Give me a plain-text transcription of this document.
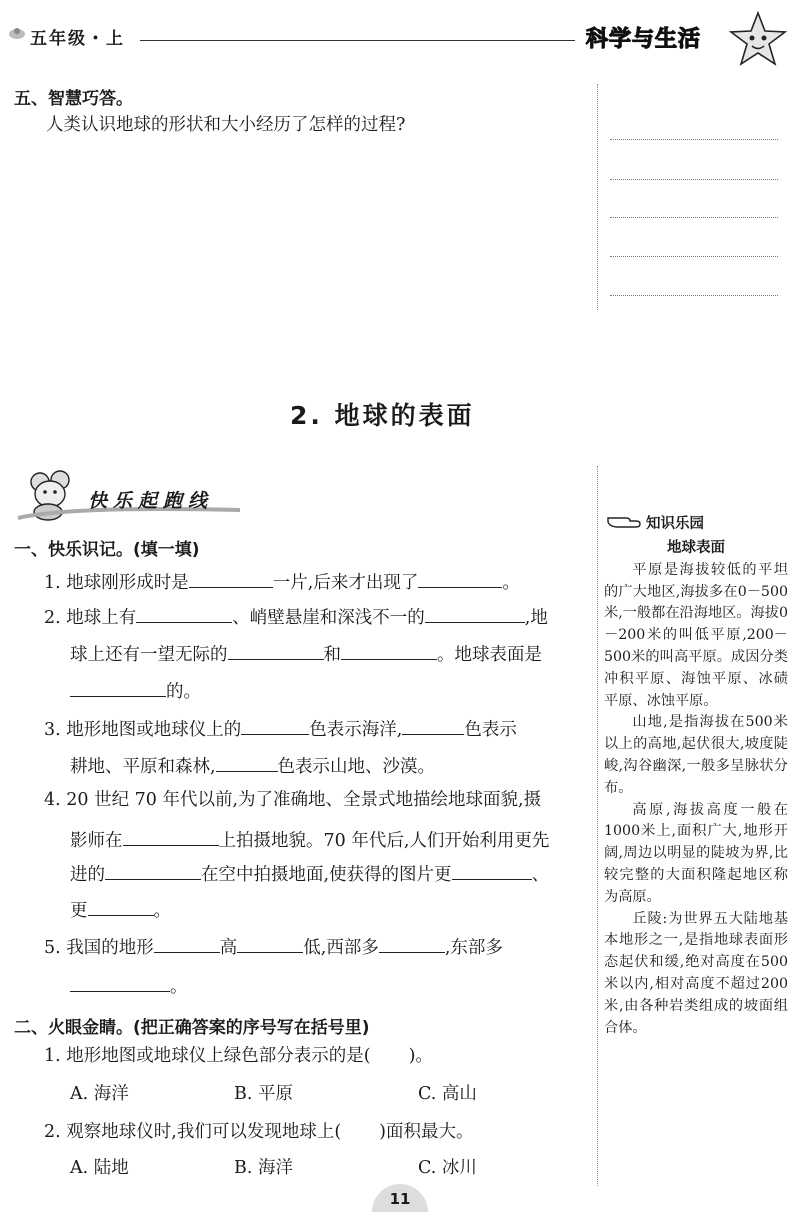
五年级・上	科学与生活
五、智慧巧答。
人类认识地球的形状和大小经历了怎样的过程?
2. 地球的表面
快乐起跑线
一、快乐识记。(填一填)
1. 地球刚形成时是	一片,后来才出现了	。
2. 地球上有	、峭壁悬崖和深浅不一的	,地
球上还有一望无际的	和	。地球表面是
的。
3. 地形地图或地球仪上的	色表示海洋,	色表示
耕地、平原和森林,	色表示山地、沙漠。
4. 20 世纪 70 年代以前,为了准确地、全景式地描绘地球面貌,摄
影师在	上拍摄地貌。70 年代后,人们开始利用更先
进的	在空中拍摄地面,使获得的图片更	、
更	。
5. 我国的地形	高	低,西部多	,东部多
。
二、火眼金睛。(把正确答案的序号写在括号里)
1. 地形地图或地球仪上绿色部分表示的是( )。
A. 海洋	B. 平原	C. 高山
2. 观察地球仪时,我们可以发现地球上( )面积最大。
A. 陆地	B. 海洋	C. 冰川
知识乐园
地球表面

平原是海拔较低的平坦的广大地区,海拔多在0－500米,一般都在沿海地区。海拔0－200米的叫低平原,200－500米的叫高平原。成因分类冲积平原、海蚀平原、冰碛平原、冰蚀平原。

山地,是指海拔在500米以上的高地,起伏很大,坡度陡峻,沟谷幽深,一般多呈脉状分布。

高原,海拔高度一般在1000米上,面积广大,地形开阔,周边以明显的陡坡为界,比较完整的大面积隆起地区称为高原。

丘陵:为世界五大陆地基本地形之一,是指地球表面形态起伏和缓,绝对高度在500米以内,相对高度不超过200米,由各种岩类组成的坡面组合体。

11
